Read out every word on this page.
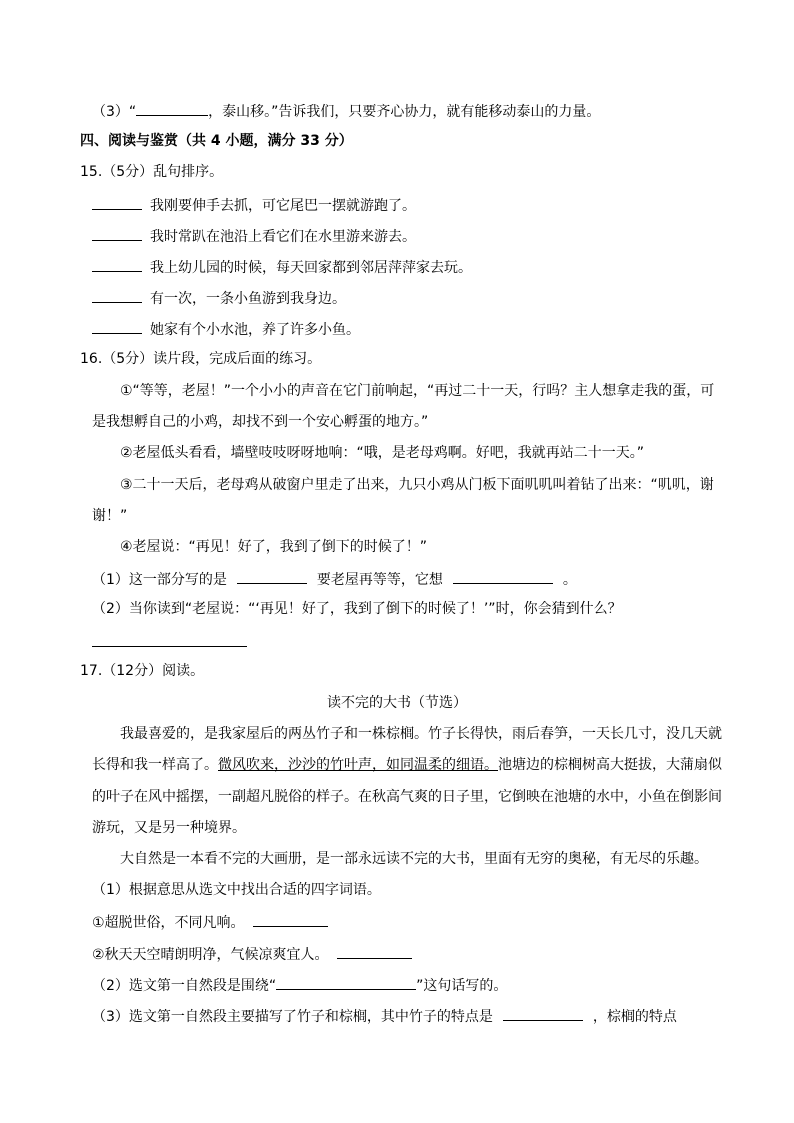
（3）“	，泰山移。”告诉我们，只要齐心协力，就有能移动泰山的力量。
四、阅读与鉴赏（共 4 小题，满分 33 分）
15.（5分）乱句排序。
我刚要伸手去抓，可它尾巴一摆就游跑了。
我时常趴在池沿上看它们在水里游来游去。
我上幼儿园的时候，每天回家都到邻居萍萍家去玩。
有一次，一条小鱼游到我身边。
她家有个小水池，养了许多小鱼。
16.（5分）读片段，完成后面的练习。
①“等等，老屋！”一个小小的声音在它门前响起，“再过二十一天，行吗？主人想拿走我的蛋，可
是我想孵自己的小鸡，却找不到一个安心孵蛋的地方。”
②老屋低头看看，墙壁吱吱呀呀地响：“哦，是老母鸡啊。好吧，我就再站二十一天。”
③二十一天后，老母鸡从破窗户里走了出来，九只小鸡从门板下面叽叽叫着钻了出来：“叽叽，谢
谢！”
④老屋说：“再见！好了，我到了倒下的时候了！”
（1）这一部分写的是	要老屋再等等，它想	。
（2）当你读到“老屋说：“‘再见！好了，我到了倒下的时候了！’”时，你会猜到什么？
17.（12分）阅读。
读不完的大书（节选）
我最喜爱的，是我家屋后的两丛竹子和一株棕榈。竹子长得快，雨后春笋，一天长几寸，没几天就
长得和我一样高了。微风吹来，沙沙的竹叶声，如同温柔的细语。池塘边的棕榈树高大挺拔，大蒲扇似
的叶子在风中摇摆，一副超凡脱俗的样子。在秋高气爽的日子里，它倒映在池塘的水中，小鱼在倒影间
游玩，又是另一种境界。
大自然是一本看不完的大画册，是一部永远读不完的大书，里面有无穷的奥秘，有无尽的乐趣。
（1）根据意思从选文中找出合适的四字词语。
①超脱世俗，不同凡响。
②秋天天空晴朗明净，气候凉爽宜人。
（2）选文第一自然段是围绕“	”这句话写的。
（3）选文第一自然段主要描写了竹子和棕榈，其中竹子的特点是	，棕榈的特点
